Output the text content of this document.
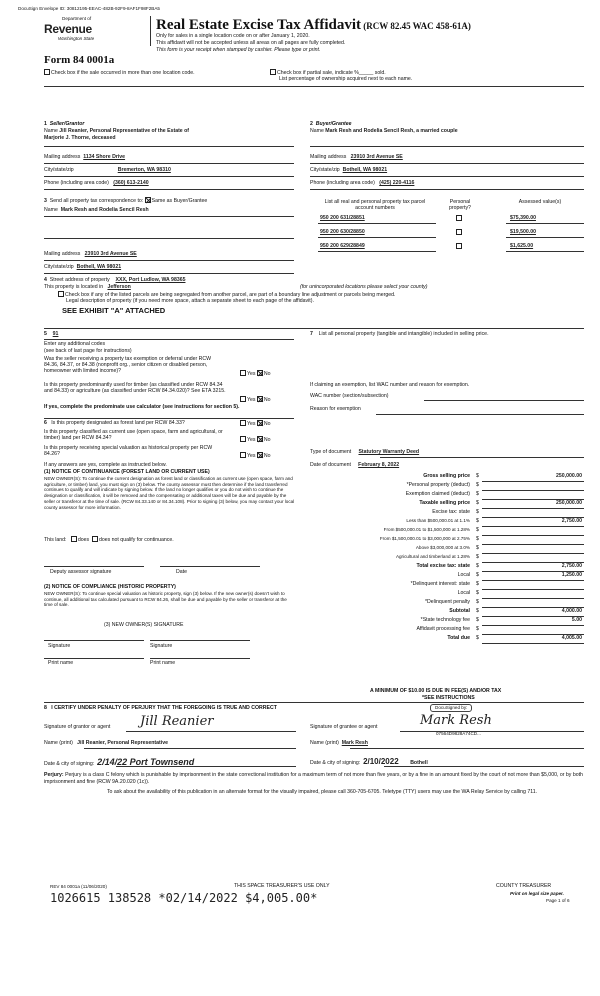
DocuSign Envelope ID: 30812195-EEAC-482B-92F9-8AF1F98F2BA5
Department of
Revenue
Washington State
Real Estate Excise Tax Affidavit (RCW 82.45 WAC 458-61A)
Only for sales in a single location code on or after January 1, 2020.
This affidavit will not be accepted unless all areas on all pages are fully completed.
This form is your receipt when stamped by cashier. Please type or print.
Form 84 0001a
Check box if the sale occurred in more than one location code.	Check box if partial sale, indicate %_____ sold.
List percentage of ownership acquired next to each name.
1 Seller/Grantor
Name Jill Reanier, Personal Representative of the Estate of
Marjorie J. Thorne, deceased
Mailing address 1134 Shore Drive
City/state/zip	Bremerton, WA 98310
Phone (including area code) (360) 613-2140
2 Buyer/Grantee
Name Mark Resh and Rodelia Sencil Resh, a married couple
Mailing address 23910 3rd Avenue SE
City/state/zip Bothell, WA 98021
Phone (including area code) (425) 220-4116
3 Send all property tax correspondence to: Same as Buyer/Grantee
Name Mark Resh and Rodelia Sencil Resh
Mailing address 23910 3rd Avenue SE
City/state/zip Bothell, WA 98021
List all real and personal property tax parcel account numbers
Personal property?
Assessed value(s)
950 200 631/28851	$75,390.00
950 200 630/28850	$19,500.00
950 200 629/28849	$1,625.00
4 Street address of property XXX, Port Ludlow, WA 98365
This property is located in Jefferson	(for unincorporated locations please select your county)
Check box if any of the listed parcels are being segregated from another parcel, are part of a boundary line adjustment or parcels being merged.
Legal description of property (if you need more space, attach a separate sheet to each page of the affidavit).
SEE EXHIBIT "A" ATTACHED
5 91
Enter any additional codes
(see back of last page for instructions)
Was the seller receiving a property tax exemption or deferral under RCW 84.36, 84.37, or 84.38 (nonprofit org., senior citizen or disabled person, homeowner with limited income)?	Yes No
Is this property predominantly used for timber (as classified under RCW 84.34 and 84.33) or agriculture (as classified under RCW 84.34.020)? See ETA 3215.
Yes No
If yes, complete the predominate use calculator (see instructions for section 5).
6 Is this property designated as forest land per RCW 84.33?	Yes No
Is this property classified as current use (open space, farm and agricultural, or timber) land per RCW 84.34?	Yes No
Is this property receiving special valuation as historical property per RCW 84.26?	Yes No
If any answers are yes, complete as instructed below.
(1) NOTICE OF CONTINUANCE (FOREST LAND OR CURRENT USE)
NEW OWNER(S): To continue the current designation as forest land or classification as current use (open space, farm and agriculture, or timber) land, you must sign on (3) below. The county assessor must then determine if the land transferred continues to qualify and will indicate by signing below. If the land no longer qualifies or you do not wish to continue the designation or classification, it will be removed and the compensating or additional taxes will be due and payable by the seller or transferor at the time of sale. (RCW 84.33.140 or 84.34.108). Prior to signing (3) below, you may contact your local county assessor for more information.
This land: does does not qualify for continuance.
Deputy assessor signature	Date
(2) NOTICE OF COMPLIANCE (HISTORIC PROPERTY)
NEW OWNER(S): To continue special valuation as historic property, sign (3) below. If the new owner(s) doesn't wish to continue, all additional tax calculated pursuant to RCW 84.26, shall be due and payable by the seller or transferor at the time of sale.
(3) NEW OWNER(S) SIGNATURE
Signature	Signature
Print name	Print name
7 List all personal property (tangible and intangible) included in selling price.
If claiming an exemption, list WAC number and reason for exemption.
WAC number (section/subsection)
Reason for exemption
Type of document Statutory Warranty Deed
Date of document February 8, 2022
Gross selling price $	250,000.00
*Personal property (deduct) $
Exemption claimed (deduct) $
Taxable selling price $	250,000.00
Excise tax: state $
Less than $500,000.01 at 1.1% $	2,750.00
From $500,000.01 to $1,500,000 at 1.28% $
From $1,500,000.01 to $3,000,000 at 2.75% $
Above $3,000,000 at 3.0% $
Agricultural and timberland at 1.28% $
Total excise tax: state $	2,750.00
Local $	1,250.00
*Delinquent interest: state $
Local $
*Delinquent penalty $
Subtotal $	4,000.00
*State technology fee $	5.00
Affidavit processing fee $
Total due $	4,005.00
A MINIMUM OF $10.00 IS DUE IN FEE(S) AND/OR TAX
*SEE INSTRUCTIONS
8 I CERTIFY UNDER PENALTY OF PERJURY THAT THE FOREGOING IS TRUE AND CORRECT	DocuSigned by:
Signature of grantor or agent Jill Reanier	Signature of grantee or agent	Mark Resh
07564D9828A74CD...
Name (print) Jill Reanier, Personal Representative	Name (print) Mark Resh
Date & city of signing: 2/14/22 Port Townsend	Date & city of signing: 2/10/2022 Bothell
Perjury: Perjury is a class C felony which is punishable by imprisonment in the state correctional institution for a maximum term of not more than five years, or by a fine in an amount fixed by the court of not more than $5,000, or by both imprisonment and fine (RCW 9A.20.020 (1c)).
To ask about the availability of this publication in an alternate format for the visually impaired, please call 360-705-6705. Teletype (TTY) users may use the WA Relay Service by calling 711.
REV 84 0001a (11/06/2020)	THIS SPACE TREASURER'S USE ONLY	COUNTY TREASURER
1026615 138528 *02/14/2022 $4,005.00*	Print on legal size paper.
Page 1 of 6
